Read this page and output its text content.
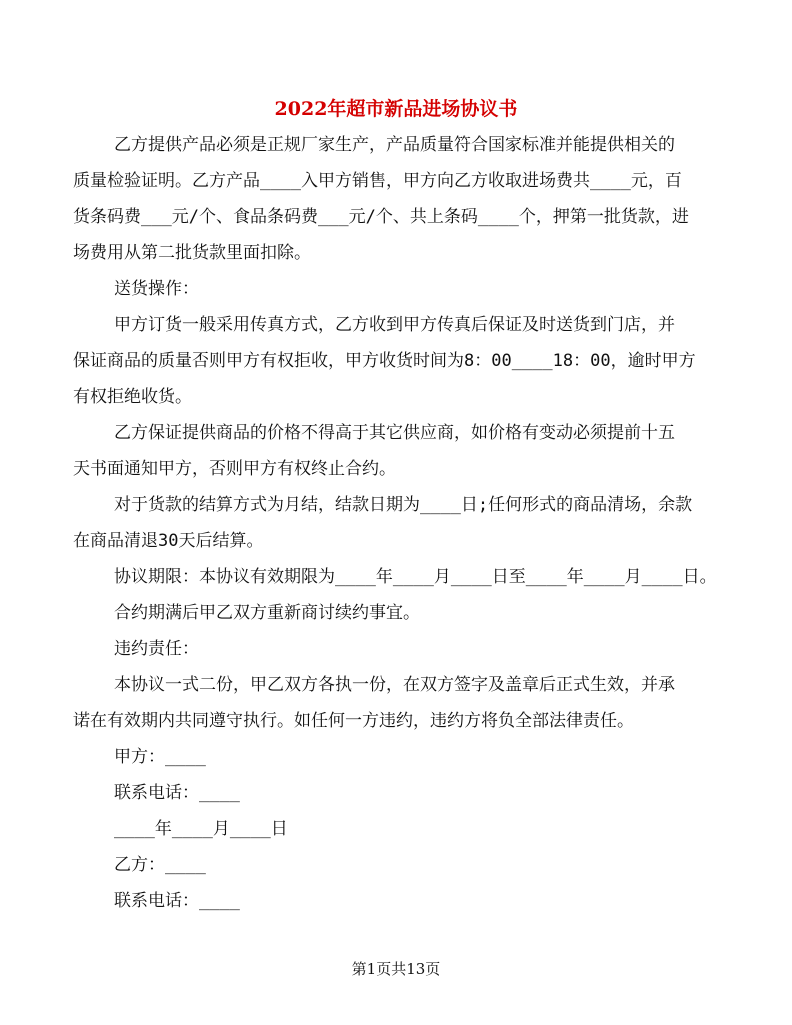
2022年超市新品进场协议书
乙方提供产品必须是正规厂家生产，产品质量符合国家标准并能提供相关的
质量检验证明。乙方产品____入甲方销售，甲方向乙方收取进场费共____元，百
货条码费___元/个、食品条码费___元/个、共上条码____个，押第一批货款，进
场费用从第二批货款里面扣除。
送货操作：
甲方订货一般采用传真方式，乙方收到甲方传真后保证及时送货到门店，并
保证商品的质量否则甲方有权拒收，甲方收货时间为8：00____18：00，逾时甲方
有权拒绝收货。
乙方保证提供商品的价格不得高于其它供应商，如价格有变动必须提前十五
天书面通知甲方，否则甲方有权终止合约。
对于货款的结算方式为月结，结款日期为____日;任何形式的商品清场，余款
在商品清退30天后结算。
协议期限：本协议有效期限为____年____月____日至____年____月____日。
合约期满后甲乙双方重新商讨续约事宜。
违约责任：
本协议一式二份，甲乙双方各执一份，在双方签字及盖章后正式生效，并承
诺在有效期内共同遵守执行。如任何一方违约，违约方将负全部法律责任。
甲方：____
联系电话：____
____年____月____日
乙方：____
联系电话：____
第1页共13页
